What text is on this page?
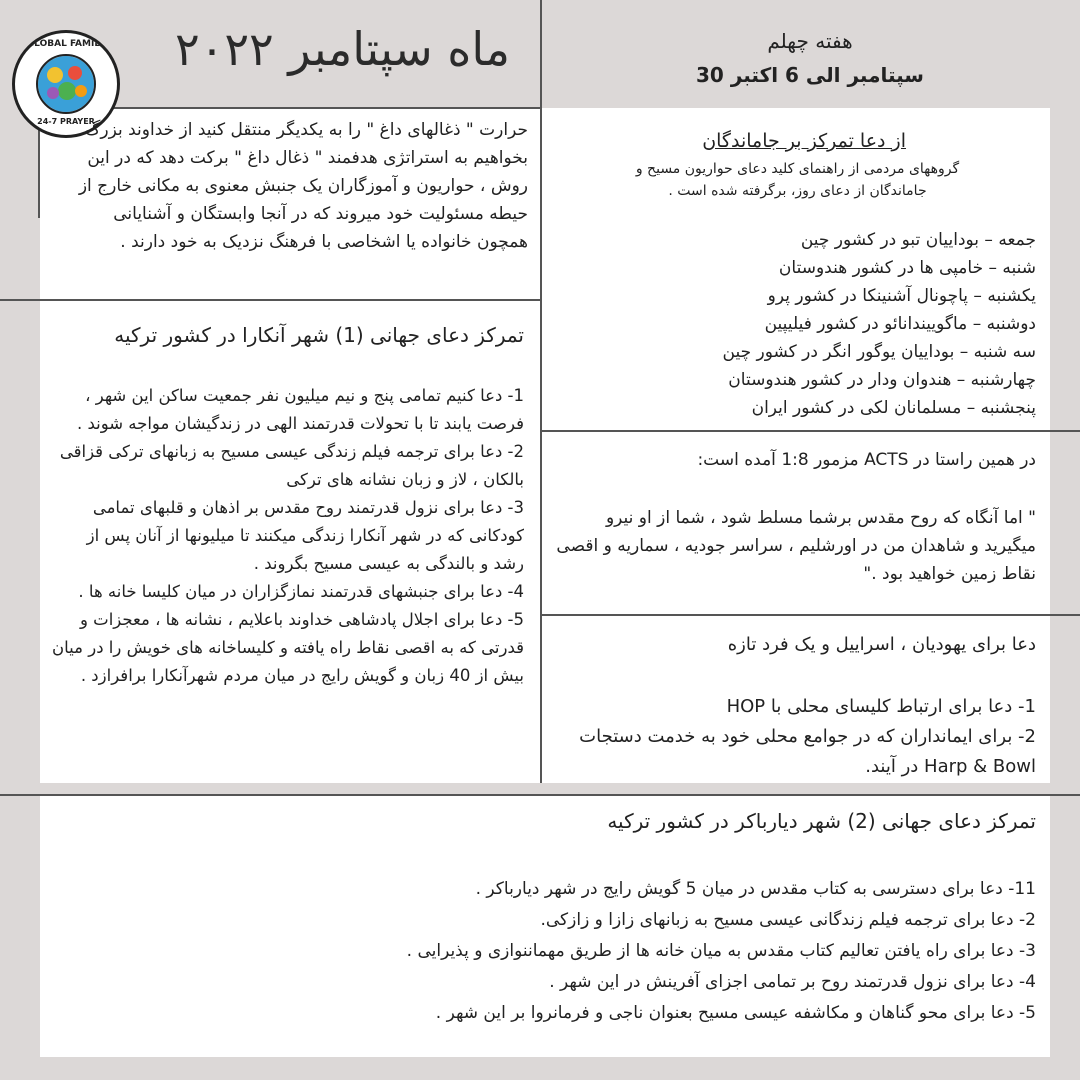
GLOBAL FAMILY
24-7 PRAYER
ماه سپتامبر ۲۰۲۲	هفته چهلم
30 سپتامبر الی 6 اکتبر
حرارت " ذغالهای داغ " را به یکدیگر منتقل کنید از خداوند بزرگ بخواهیم به استراتژی هدفمند " ذغال داغ " برکت دهد که در این روش ، حواریون و آموزگاران یک جنبش معنوی به مکانی خارج از حیطه مسئولیت خود میروند که در آنجا وابستگان و آشنایانی همچون خانواده یا اشخاصی با فرهنگ نزدیک به خود دارند .
از دعا تمرکز بر جاماندگان
گروههای مردمی از راهنمای کلید دعای حواریون مسیح و جاماندگان از دعای روز، برگرفته شده است .
جمعه – بوداییان تبو در کشور چین
شنبه – خامپی ها در کشور هندوستان
یکشنبه – پاچونال آشنینکا در کشور پرو
دوشنبه – ماگوییندانائو در کشور فیلیپین
سه شنبه – بوداییان یوگور انگر در کشور چین
چهارشنبه – هندوان ودار در کشور هندوستان
پنجشنبه – مسلمانان لکی در کشور ایران
تمرکز دعای جهانی (1) شهر آنکارا در کشور ترکیه
1- دعا کنیم تمامی پنج و نیم میلیون نفر جمعیت ساکن این شهر ، فرصت یابند تا با تحولات قدرتمند الهی در زندگیشان مواجه شوند .
2- دعا برای ترجمه فیلم زندگی عیسی مسیح به زبانهای ترکی قزاقی بالکان ، لاز و زبان نشانه های ترکی
3- دعا برای نزول قدرتمند روح مقدس بر اذهان و قلبهای تمامی کودکانی که در شهر آنکارا زندگی میکنند تا میلیونها از آنان پس از رشد و بالندگی به عیسی مسیح بگروند .
4- دعا برای جنبشهای قدرتمند نمازگزاران در میان کلیسا خانه ها .
5- دعا برای اجلال پادشاهی خداوند باعلایم ، نشانه ها ، معجزات و قدرتی که به اقصی نقاط راه یافته و کلیساخانه های خویش را در میان بیش از 40 زبان و گویش رایج در میان مردم شهرآنکارا برافرازد .
در همین راستا در ACTS مزمور 1:8 آمده است:
" اما آنگاه که روح مقدس برشما مسلط شود ، شما از او نیرو میگیرید و شاهدان من در اورشلیم ، سراسر جودیه ، سماریه و اقصی نقاط زمین خواهید بود ."
دعا برای یهودیان ، اسراییل و یک فرد تازه
1- دعا برای ارتباط کلیسای محلی با HOP
2- برای ایمانداران که در جوامع محلی خود به خدمت دستجات Harp & Bowl در آیند.
تمرکز دعای جهانی (2) شهر دیارباکر در کشور ترکیه
11- دعا برای دسترسی به کتاب مقدس در میان 5 گویش رایج در شهر دیارباکر .
2- دعا برای ترجمه فیلم زندگانی عیسی مسیح به زبانهای زازا و زازکی.
3- دعا برای راه یافتن تعالیم کتاب مقدس به میان خانه ها از طریق مهماننوازی و پذیرایی .
4- دعا برای نزول قدرتمند روح بر تمامی اجزای آفرینش در این شهر .
5- دعا برای محو گناهان و مکاشفه عیسی مسیح بعنوان ناجی و فرمانروا بر این شهر .
